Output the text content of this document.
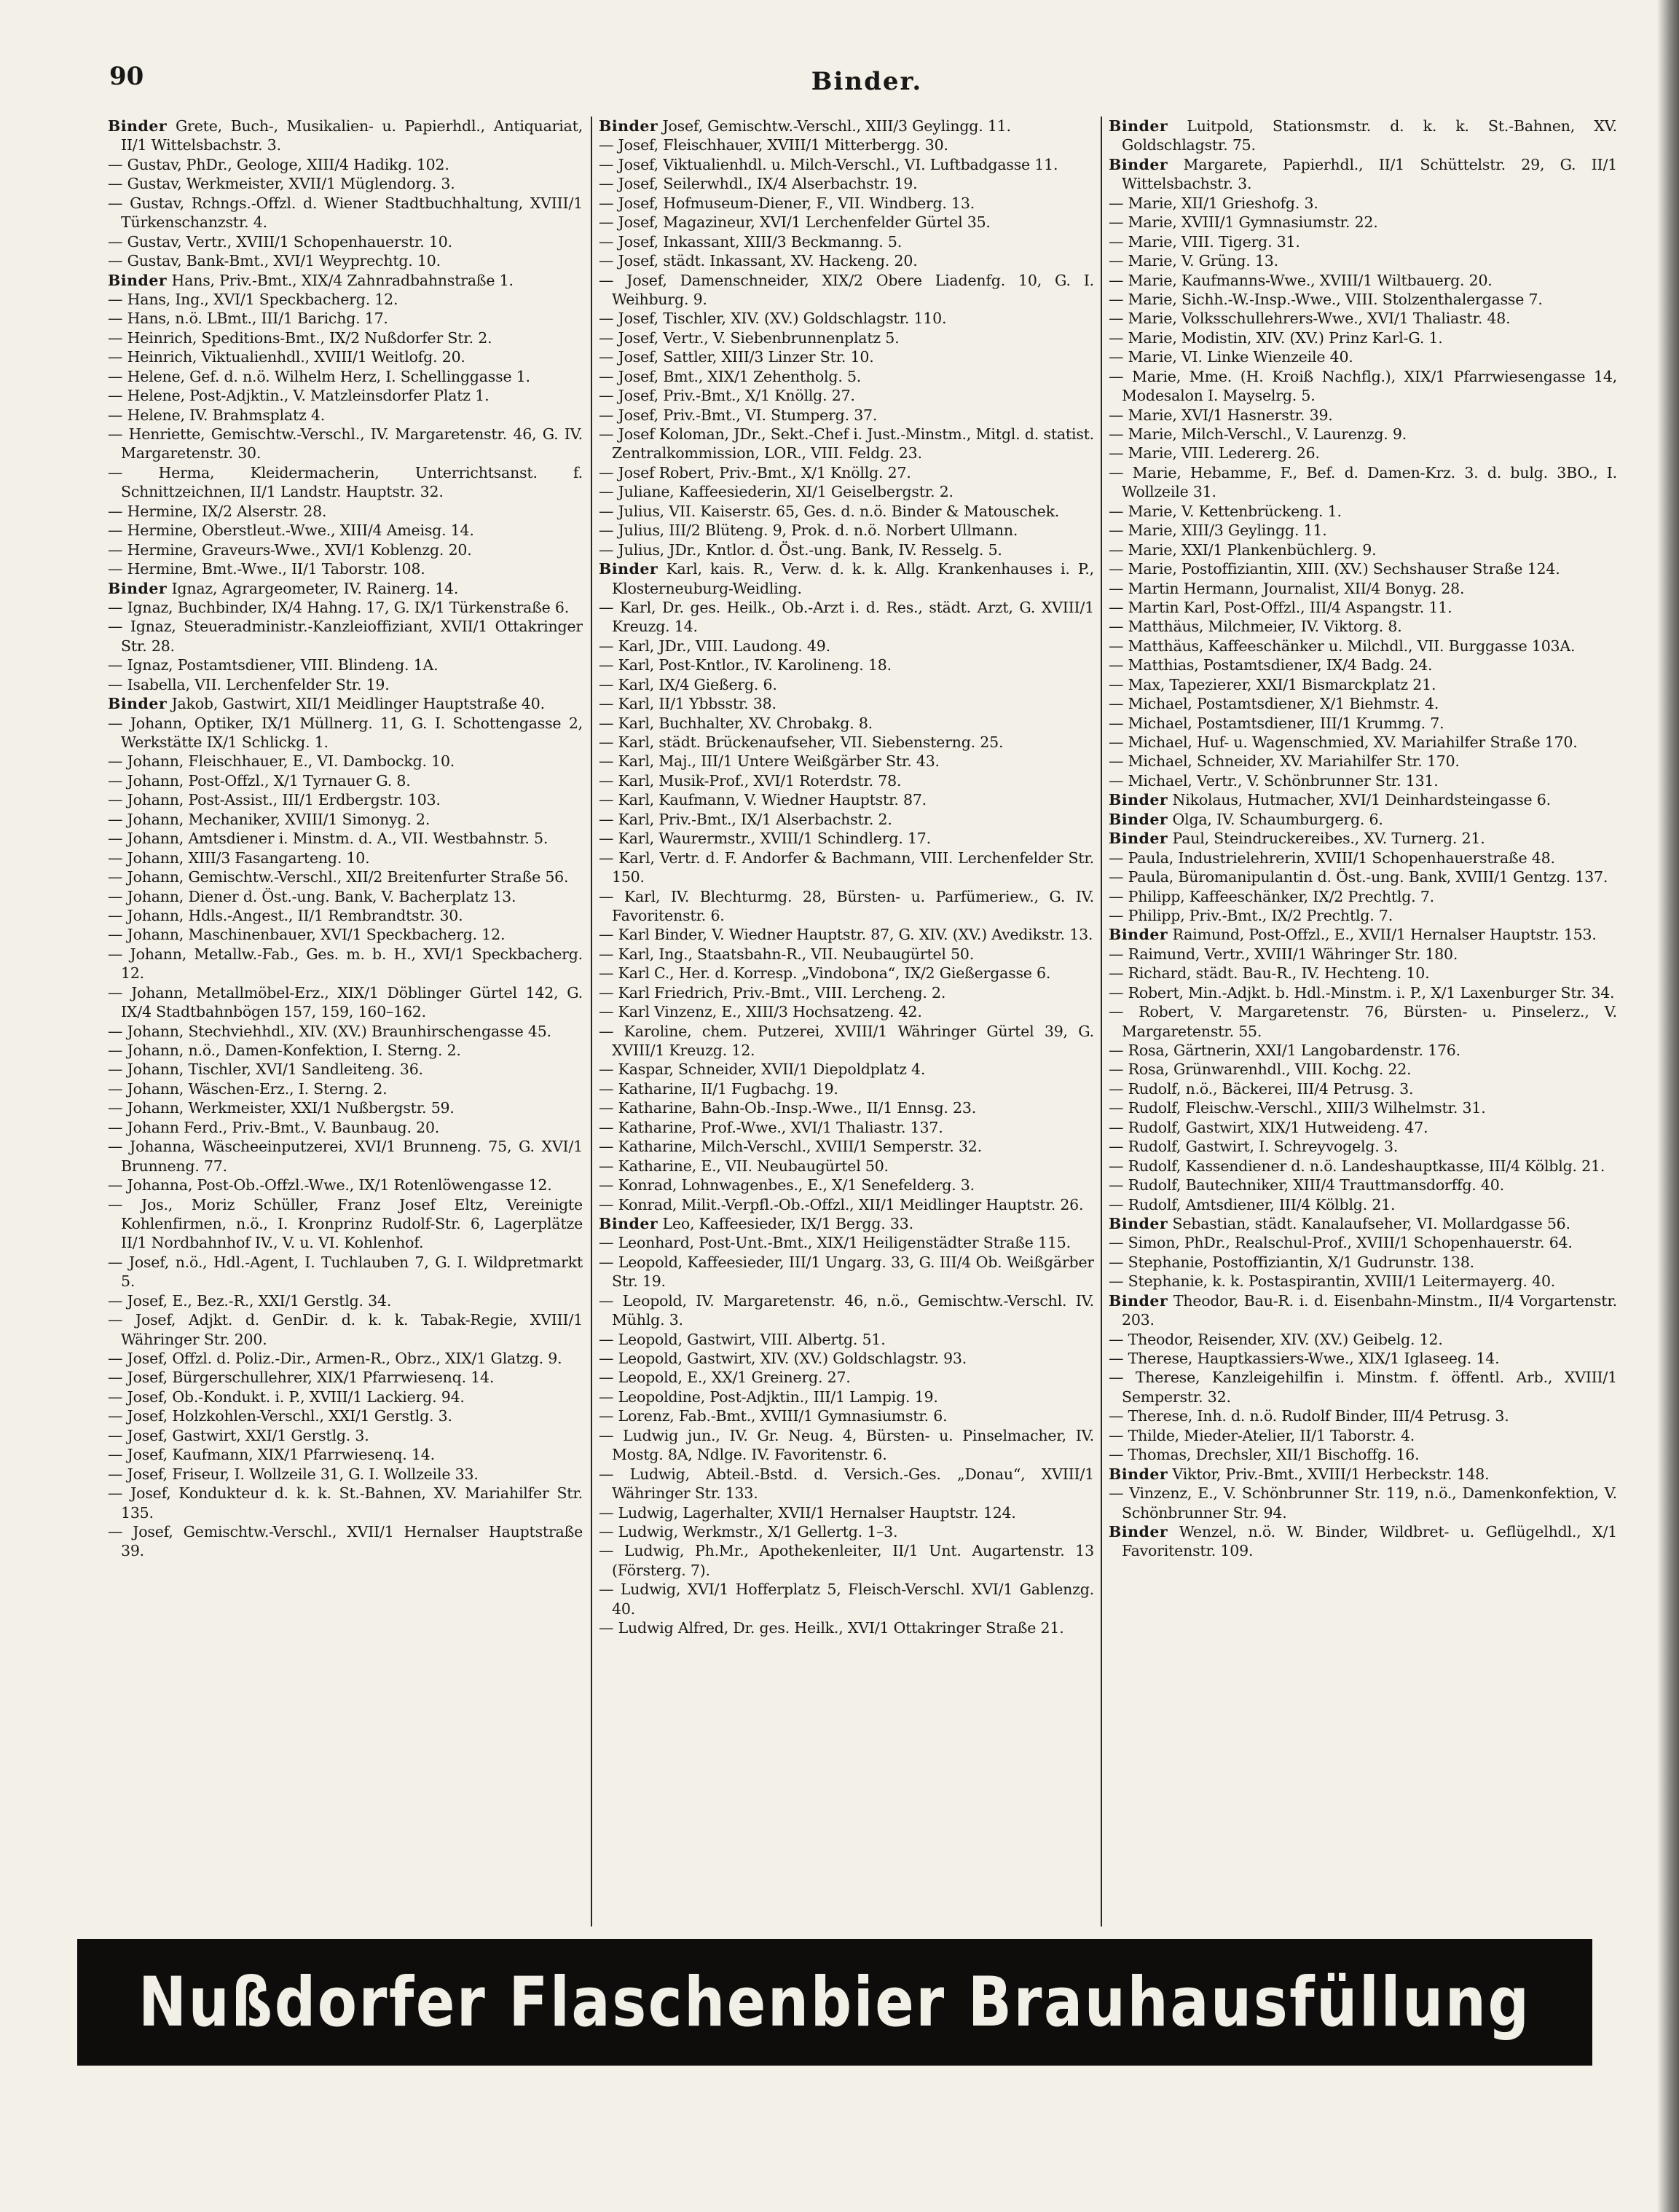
90	Binder.

Binder Grete, Buch-, Musikalien- u. Papierhdl., Antiquariat, II/1 Wittelsbachstr. 3.

— Gustav, PhDr., Geologe, XIII/4 Hadikg. 102.

— Gustav, Werkmeister, XVII/1 Müglendorg. 3.

— Gustav, Rchngs.-Offzl. d. Wiener Stadtbuchhaltung, XVIII/1 Türkenschanzstr. 4.

— Gustav, Vertr., XVIII/1 Schopenhauerstr. 10.

— Gustav, Bank-Bmt., XVI/1 Weyprechtg. 10.

Binder Hans, Priv.-Bmt., XIX/4 Zahnradbahnstraße 1.

— Hans, Ing., XVI/1 Speckbacherg. 12.

— Hans, n.ö. LBmt., III/1 Barichg. 17.

— Heinrich, Speditions-Bmt., IX/2 Nußdorfer Str. 2.

— Heinrich, Viktualienhdl., XVIII/1 Weitlofg. 20.

— Helene, Gef. d. n.ö. Wilhelm Herz, I. Schellinggasse 1.

— Helene, Post-Adjktin., V. Matzleinsdorfer Platz 1.

— Helene, IV. Brahmsplatz 4.

— Henriette, Gemischtw.-Verschl., IV. Margaretenstr. 46, G. IV. Margaretenstr. 30.

— Herma, Kleidermacherin, Unterrichtsanst. f. Schnittzeichnen, II/1 Landstr. Hauptstr. 32.

— Hermine, IX/2 Alserstr. 28.

— Hermine, Oberstleut.-Wwe., XIII/4 Ameisg. 14.

— Hermine, Graveurs-Wwe., XVI/1 Koblenzg. 20.

— Hermine, Bmt.-Wwe., II/1 Taborstr. 108.

Binder Ignaz, Agrargeometer, IV. Rainerg. 14.

— Ignaz, Buchbinder, IX/4 Hahng. 17, G. IX/1 Türkenstraße 6.

— Ignaz, Steueradministr.-Kanzleioffiziant, XVII/1 Ottakringer Str. 28.

— Ignaz, Postamtsdiener, VIII. Blindeng. 1A.

— Isabella, VII. Lerchenfelder Str. 19.

Binder Jakob, Gastwirt, XII/1 Meidlinger Hauptstraße 40.

— Johann, Optiker, IX/1 Müllnerg. 11, G. I. Schottengasse 2, Werkstätte IX/1 Schlickg. 1.

— Johann, Fleischhauer, E., VI. Dambockg. 10.

— Johann, Post-Offzl., X/1 Tyrnauer G. 8.

— Johann, Post-Assist., III/1 Erdbergstr. 103.

— Johann, Mechaniker, XVIII/1 Simonyg. 2.

— Johann, Amtsdiener i. Minstm. d. A., VII. Westbahnstr. 5.

— Johann, XIII/3 Fasangarteng. 10.

— Johann, Gemischtw.-Verschl., XII/2 Breitenfurter Straße 56.

— Johann, Diener d. Öst.-ung. Bank, V. Bacherplatz 13.

— Johann, Hdls.-Angest., II/1 Rembrandtstr. 30.

— Johann, Maschinenbauer, XVI/1 Speckbacherg. 12.

— Johann, Metallw.-Fab., Ges. m. b. H., XVI/1 Speckbacherg. 12.

— Johann, Metallmöbel-Erz., XIX/1 Döblinger Gürtel 142, G. IX/4 Stadtbahnbögen 157, 159, 160–162.

— Johann, Stechviehhdl., XIV. (XV.) Braunhirschengasse 45.

— Johann, n.ö., Damen-Konfektion, I. Sterng. 2.

— Johann, Tischler, XVI/1 Sandleiteng. 36.

— Johann, Wäschen-Erz., I. Sterng. 2.

— Johann, Werkmeister, XXI/1 Nußbergstr. 59.

— Johann Ferd., Priv.-Bmt., V. Baunbaug. 20.

— Johanna, Wäscheeinputzerei, XVI/1 Brunneng. 75, G. XVI/1 Brunneng. 77.

— Johanna, Post-Ob.-Offzl.-Wwe., IX/1 Rotenlöwengasse 12.

— Jos., Moriz Schüller, Franz Josef Eltz, Vereinigte Kohlenfirmen, n.ö., I. Kronprinz Rudolf-Str. 6, Lagerplätze II/1 Nordbahnhof IV., V. u. VI. Kohlenhof.

— Josef, n.ö., Hdl.-Agent, I. Tuchlauben 7, G. I. Wildpretmarkt 5.

— Josef, E., Bez.-R., XXI/1 Gerstlg. 34.

— Josef, Adjkt. d. GenDir. d. k. k. Tabak-Regie, XVIII/1 Währinger Str. 200.

— Josef, Offzl. d. Poliz.-Dir., Armen-R., Obrz., XIX/1 Glatzg. 9.

— Josef, Bürgerschullehrer, XIX/1 Pfarrwiesenq. 14.

— Josef, Ob.-Kondukt. i. P., XVIII/1 Lackierg. 94.

— Josef, Holzkohlen-Verschl., XXI/1 Gerstlg. 3.

— Josef, Gastwirt, XXI/1 Gerstlg. 3.

— Josef, Kaufmann, XIX/1 Pfarrwiesenq. 14.

— Josef, Friseur, I. Wollzeile 31, G. I. Wollzeile 33.

— Josef, Kondukteur d. k. k. St.-Bahnen, XV. Mariahilfer Str. 135.

— Josef, Gemischtw.-Verschl., XVII/1 Hernalser Hauptstraße 39.

Binder Josef, Gemischtw.-Verschl., XIII/3 Geylingg. 11.

— Josef, Fleischhauer, XVIII/1 Mitterbergg. 30.

— Josef, Viktualienhdl. u. Milch-Verschl., VI. Luftbadgasse 11.

— Josef, Seilerwhdl., IX/4 Alserbachstr. 19.

— Josef, Hofmuseum-Diener, F., VII. Windberg. 13.

— Josef, Magazineur, XVI/1 Lerchenfelder Gürtel 35.

— Josef, Inkassant, XIII/3 Beckmanng. 5.

— Josef, städt. Inkassant, XV. Hackeng. 20.

— Josef, Damenschneider, XIX/2 Obere Liadenfg. 10, G. I. Weihburg. 9.

— Josef, Tischler, XIV. (XV.) Goldschlagstr. 110.

— Josef, Vertr., V. Siebenbrunnenplatz 5.

— Josef, Sattler, XIII/3 Linzer Str. 10.

— Josef, Bmt., XIX/1 Zehentholg. 5.

— Josef, Priv.-Bmt., X/1 Knöllg. 27.

— Josef, Priv.-Bmt., VI. Stumperg. 37.

— Josef Koloman, JDr., Sekt.-Chef i. Just.-Minstm., Mitgl. d. statist. Zentralkommission, LOR., VIII. Feldg. 23.

— Josef Robert, Priv.-Bmt., X/1 Knöllg. 27.

— Juliane, Kaffeesiederin, XI/1 Geiselbergstr. 2.

— Julius, VII. Kaiserstr. 65, Ges. d. n.ö. Binder & Matouschek.

— Julius, III/2 Blüteng. 9, Prok. d. n.ö. Norbert Ullmann.

— Julius, JDr., Kntlor. d. Öst.-ung. Bank, IV. Resselg. 5.

Binder Karl, kais. R., Verw. d. k. k. Allg. Krankenhauses i. P., Klosterneuburg-Weidling.

— Karl, Dr. ges. Heilk., Ob.-Arzt i. d. Res., städt. Arzt, G. XVIII/1 Kreuzg. 14.

— Karl, JDr., VIII. Laudong. 49.

— Karl, Post-Kntlor., IV. Karolineng. 18.

— Karl, IX/4 Gießerg. 6.

— Karl, II/1 Ybbsstr. 38.

— Karl, Buchhalter, XV. Chrobakg. 8.

— Karl, städt. Brückenaufseher, VII. Siebensterng. 25.

— Karl, Maj., III/1 Untere Weißgärber Str. 43.

— Karl, Musik-Prof., XVI/1 Roterdstr. 78.

— Karl, Kaufmann, V. Wiedner Hauptstr. 87.

— Karl, Priv.-Bmt., IX/1 Alserbachstr. 2.

— Karl, Waurermstr., XVIII/1 Schindlerg. 17.

— Karl, Vertr. d. F. Andorfer & Bachmann, VIII. Lerchenfelder Str. 150.

— Karl, IV. Blechturmg. 28, Bürsten- u. Parfümeriew., G. IV. Favoritenstr. 6.

— Karl Binder, V. Wiedner Hauptstr. 87, G. XIV. (XV.) Avedikstr. 13.

— Karl, Ing., Staatsbahn-R., VII. Neubaugürtel 50.

— Karl C., Her. d. Korresp. „Vindobona“, IX/2 Gießergasse 6.

— Karl Friedrich, Priv.-Bmt., VIII. Lercheng. 2.

— Karl Vinzenz, E., XIII/3 Hochsatzeng. 42.

— Karoline, chem. Putzerei, XVIII/1 Währinger Gürtel 39, G. XVIII/1 Kreuzg. 12.

— Kaspar, Schneider, XVII/1 Diepoldplatz 4.

— Katharine, II/1 Fugbachg. 19.

— Katharine, Bahn-Ob.-Insp.-Wwe., II/1 Ennsg. 23.

— Katharine, Prof.-Wwe., XVI/1 Thaliastr. 137.

— Katharine, Milch-Verschl., XVIII/1 Semperstr. 32.

— Katharine, E., VII. Neubaugürtel 50.

— Konrad, Lohnwagenbes., E., X/1 Senefelderg. 3.

— Konrad, Milit.-Verpfl.-Ob.-Offzl., XII/1 Meidlinger Hauptstr. 26.

Binder Leo, Kaffeesieder, IX/1 Bergg. 33.

— Leonhard, Post-Unt.-Bmt., XIX/1 Heiligenstädter Straße 115.

— Leopold, Kaffeesieder, III/1 Ungarg. 33, G. III/4 Ob. Weißgärber Str. 19.

— Leopold, IV. Margaretenstr. 46, n.ö., Gemischtw.-Verschl. IV. Mühlg. 3.

— Leopold, Gastwirt, VIII. Albertg. 51.

— Leopold, Gastwirt, XIV. (XV.) Goldschlagstr. 93.

— Leopold, E., XX/1 Greinerg. 27.

— Leopoldine, Post-Adjktin., III/1 Lampig. 19.

— Lorenz, Fab.-Bmt., XVIII/1 Gymnasiumstr. 6.

— Ludwig jun., IV. Gr. Neug. 4, Bürsten- u. Pinselmacher, IV. Mostg. 8A, Ndlge. IV. Favoritenstr. 6.

— Ludwig, Abteil.-Bstd. d. Versich.-Ges. „Donau“, XVIII/1 Währinger Str. 133.

— Ludwig, Lagerhalter, XVII/1 Hernalser Hauptstr. 124.

— Ludwig, Werkmstr., X/1 Gellertg. 1–3.

— Ludwig, Ph.Mr., Apothekenleiter, II/1 Unt. Augartenstr. 13 (Försterg. 7).

— Ludwig, XVI/1 Hofferplatz 5, Fleisch-Verschl. XVI/1 Gablenzg. 40.

— Ludwig Alfred, Dr. ges. Heilk., XVI/1 Ottakringer Straße 21.

Binder Luitpold, Stationsmstr. d. k. k. St.-Bahnen, XV. Goldschlagstr. 75.

Binder Margarete, Papierhdl., II/1 Schüttelstr. 29, G. II/1 Wittelsbachstr. 3.

— Marie, XII/1 Grieshofg. 3.

— Marie, XVIII/1 Gymnasiumstr. 22.

— Marie, VIII. Tigerg. 31.

— Marie, V. Grüng. 13.

— Marie, Kaufmanns-Wwe., XVIII/1 Wiltbauerg. 20.

— Marie, Sichh.-W.-Insp.-Wwe., VIII. Stolzenthalergasse 7.

— Marie, Volksschullehrers-Wwe., XVI/1 Thaliastr. 48.

— Marie, Modistin, XIV. (XV.) Prinz Karl-G. 1.

— Marie, VI. Linke Wienzeile 40.

— Marie, Mme. (H. Kroiß Nachflg.), XIX/1 Pfarrwiesengasse 14, Modesalon I. Mayselrg. 5.

— Marie, XVI/1 Hasnerstr. 39.

— Marie, Milch-Verschl., V. Laurenzg. 9.

— Marie, VIII. Ledererg. 26.

— Marie, Hebamme, F., Bef. d. Damen-Krz. 3. d. bulg. 3BO., I. Wollzeile 31.

— Marie, V. Kettenbrückeng. 1.

— Marie, XIII/3 Geylingg. 11.

— Marie, XXI/1 Plankenbüchlerg. 9.

— Marie, Postoffiziantin, XIII. (XV.) Sechshauser Straße 124.

— Martin Hermann, Journalist, XII/4 Bonyg. 28.

— Martin Karl, Post-Offzl., III/4 Aspangstr. 11.

— Matthäus, Milchmeier, IV. Viktorg. 8.

— Matthäus, Kaffeeschänker u. Milchdl., VII. Burggasse 103A.

— Matthias, Postamtsdiener, IX/4 Badg. 24.

— Max, Tapezierer, XXI/1 Bismarckplatz 21.

— Michael, Postamtsdiener, X/1 Biehmstr. 4.

— Michael, Postamtsdiener, III/1 Krummg. 7.

— Michael, Huf- u. Wagenschmied, XV. Mariahilfer Straße 170.

— Michael, Schneider, XV. Mariahilfer Str. 170.

— Michael, Vertr., V. Schönbrunner Str. 131.

Binder Nikolaus, Hutmacher, XVI/1 Deinhardsteingasse 6.

Binder Olga, IV. Schaumburgerg. 6.

Binder Paul, Steindruckereibes., XV. Turnerg. 21.

— Paula, Industrielehrerin, XVIII/1 Schopenhauerstraße 48.

— Paula, Büromanipulantin d. Öst.-ung. Bank, XVIII/1 Gentzg. 137.

— Philipp, Kaffeeschänker, IX/2 Prechtlg. 7.

— Philipp, Priv.-Bmt., IX/2 Prechtlg. 7.

Binder Raimund, Post-Offzl., E., XVII/1 Hernalser Hauptstr. 153.

— Raimund, Vertr., XVIII/1 Währinger Str. 180.

— Richard, städt. Bau-R., IV. Hechteng. 10.

— Robert, Min.-Adjkt. b. Hdl.-Minstm. i. P., X/1 Laxenburger Str. 34.

— Robert, V. Margaretenstr. 76, Bürsten- u. Pinselerz., V. Margaretenstr. 55.

— Rosa, Gärtnerin, XXI/1 Langobardenstr. 176.

— Rosa, Grünwarenhdl., VIII. Kochg. 22.

— Rudolf, n.ö., Bäckerei, III/4 Petrusg. 3.

— Rudolf, Fleischw.-Verschl., XIII/3 Wilhelmstr. 31.

— Rudolf, Gastwirt, XIX/1 Hutweideng. 47.

— Rudolf, Gastwirt, I. Schreyvogelg. 3.

— Rudolf, Kassendiener d. n.ö. Landeshauptkasse, III/4 Kölblg. 21.

— Rudolf, Bautechniker, XIII/4 Trauttmansdorffg. 40.

— Rudolf, Amtsdiener, III/4 Kölblg. 21.

Binder Sebastian, städt. Kanalaufseher, VI. Mollardgasse 56.

— Simon, PhDr., Realschul-Prof., XVIII/1 Schopenhauerstr. 64.

— Stephanie, Postoffiziantin, X/1 Gudrunstr. 138.

— Stephanie, k. k. Postaspirantin, XVIII/1 Leitermayerg. 40.

Binder Theodor, Bau-R. i. d. Eisenbahn-Minstm., II/4 Vorgartenstr. 203.

— Theodor, Reisender, XIV. (XV.) Geibelg. 12.

— Therese, Hauptkassiers-Wwe., XIX/1 Iglaseeg. 14.

— Therese, Kanzleigehilfin i. Minstm. f. öffentl. Arb., XVIII/1 Semperstr. 32.

— Therese, Inh. d. n.ö. Rudolf Binder, III/4 Petrusg. 3.

— Thilde, Mieder-Atelier, II/1 Taborstr. 4.

— Thomas, Drechsler, XII/1 Bischoffg. 16.

Binder Viktor, Priv.-Bmt., XVIII/1 Herbeckstr. 148.

— Vinzenz, E., V. Schönbrunner Str. 119, n.ö., Damenkonfektion, V. Schönbrunner Str. 94.

Binder Wenzel, n.ö. W. Binder, Wildbret- u. Geflügelhdl., X/1 Favoritenstr. 109.

Nußdorfer Flaschenbier Brauhausfüllung
